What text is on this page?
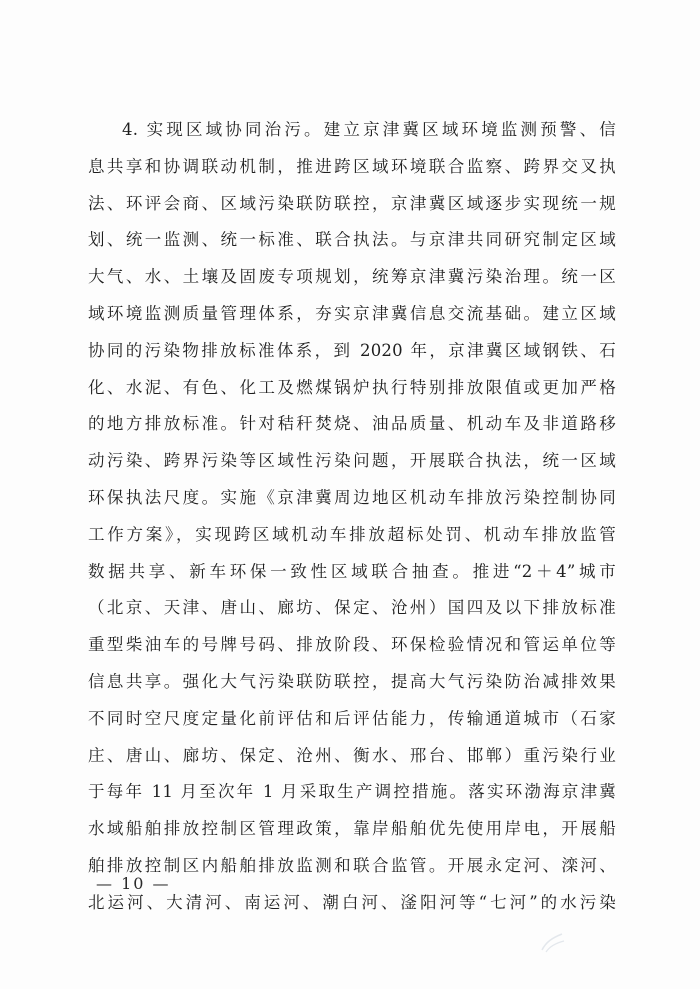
4. 实现区域协同治污。建立京津冀区域环境监测预警、信
息共享和协调联动机制，推进跨区域环境联合监察、跨界交叉执
法、环评会商、区域污染联防联控，京津冀区域逐步实现统一规
划、统一监测、统一标准、联合执法。与京津共同研究制定区域
大气、水、土壤及固废专项规划，统筹京津冀污染治理。统一区
域环境监测质量管理体系，夯实京津冀信息交流基础。建立区域
协同的污染物排放标准体系，到 2020 年，京津冀区域钢铁、石
化、水泥、有色、化工及燃煤锅炉执行特别排放限值或更加严格
的地方排放标准。针对秸秆焚烧、油品质量、机动车及非道路移
动污染、跨界污染等区域性污染问题，开展联合执法，统一区域
环保执法尺度。实施《京津冀周边地区机动车排放污染控制协同
工作方案》，实现跨区域机动车排放超标处罚、机动车排放监管
数据共享、新车环保一致性区域联合抽查。推进“2＋4”城市
（北京、天津、唐山、廊坊、保定、沧州）国四及以下排放标准
重型柴油车的号牌号码、排放阶段、环保检验情况和管运单位等
信息共享。强化大气污染联防联控，提高大气污染防治减排效果
不同时空尺度定量化前评估和后评估能力，传输通道城市（石家
庄、唐山、廊坊、保定、沧州、衡水、邢台、邯郸）重污染行业
于每年 11 月至次年 1 月采取生产调控措施。落实环渤海京津冀
水域船舶排放控制区管理政策，靠岸船舶优先使用岸电，开展船
舶排放控制区内船舶排放监测和联合监管。开展永定河、滦河、
北运河、大清河、南运河、潮白河、滏阳河等“七河”的水污染
— 10 —
